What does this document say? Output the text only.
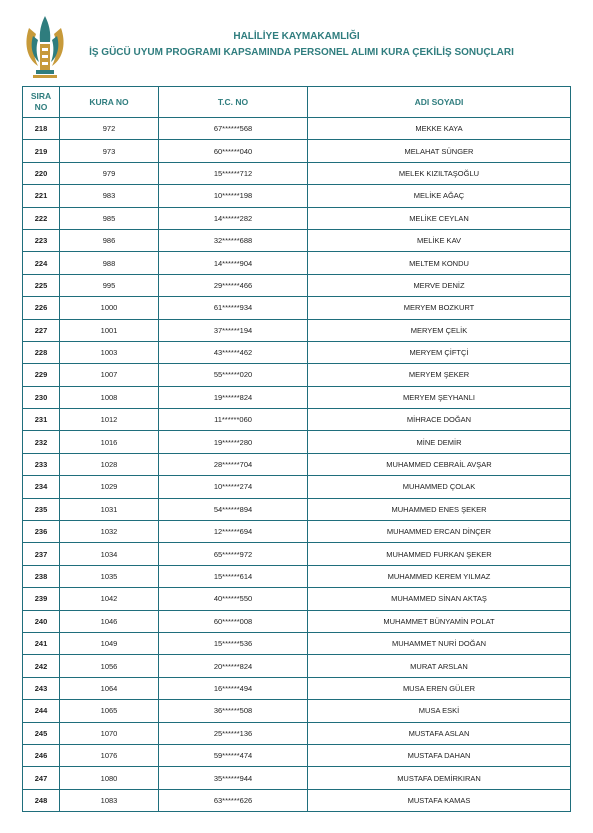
HALİLİYE KAYMAKAMLIĞI
İŞ GÜCÜ UYUM PROGRAMI KAPSAMINDA PERSONEL ALIMI KURA ÇEKİLİŞ SONUÇLARI
SIRA
NO	KURA NO	T.C. NO	ADI SOYADI
218	972	67******568	MEKKE KAYA
219	973	60******040	MELAHAT SÜNGER
220	979	15******712	MELEK KIZILTAŞOĞLU
221	983	10******198	MELİKE AĞAÇ
222	985	14******282	MELİKE CEYLAN
223	986	32******688	MELİKE KAV
224	988	14******904	MELTEM KONDU
225	995	29******466	MERVE DENİZ
226	1000	61******934	MERYEM BOZKURT
227	1001	37******194	MERYEM ÇELİK
228	1003	43******462	MERYEM ÇİFTÇİ
229	1007	55******020	MERYEM ŞEKER
230	1008	19******824	MERYEM ŞEYHANLI
231	1012	11******060	MİHRACE DOĞAN
232	1016	19******280	MİNE DEMİR
233	1028	28******704	MUHAMMED CEBRAİL AVŞAR
234	1029	10******274	MUHAMMED ÇOLAK
235	1031	54******894	MUHAMMED ENES ŞEKER
236	1032	12******694	MUHAMMED ERCAN DİNÇER
237	1034	65******972	MUHAMMED FURKAN ŞEKER
238	1035	15******614	MUHAMMED KEREM YILMAZ
239	1042	40******550	MUHAMMED SİNAN AKTAŞ
240	1046	60******008	MUHAMMET BÜNYAMİN POLAT
241	1049	15******536	MUHAMMET NURİ DOĞAN
242	1056	20******824	MURAT ARSLAN
243	1064	16******494	MUSA EREN GÜLER
244	1065	36******508	MUSA ESKİ
245	1070	25******136	MUSTAFA ASLAN
246	1076	59******474	MUSTAFA DAHAN
247	1080	35******944	MUSTAFA DEMİRKIRAN
248	1083	63******626	MUSTAFA KAMAS
